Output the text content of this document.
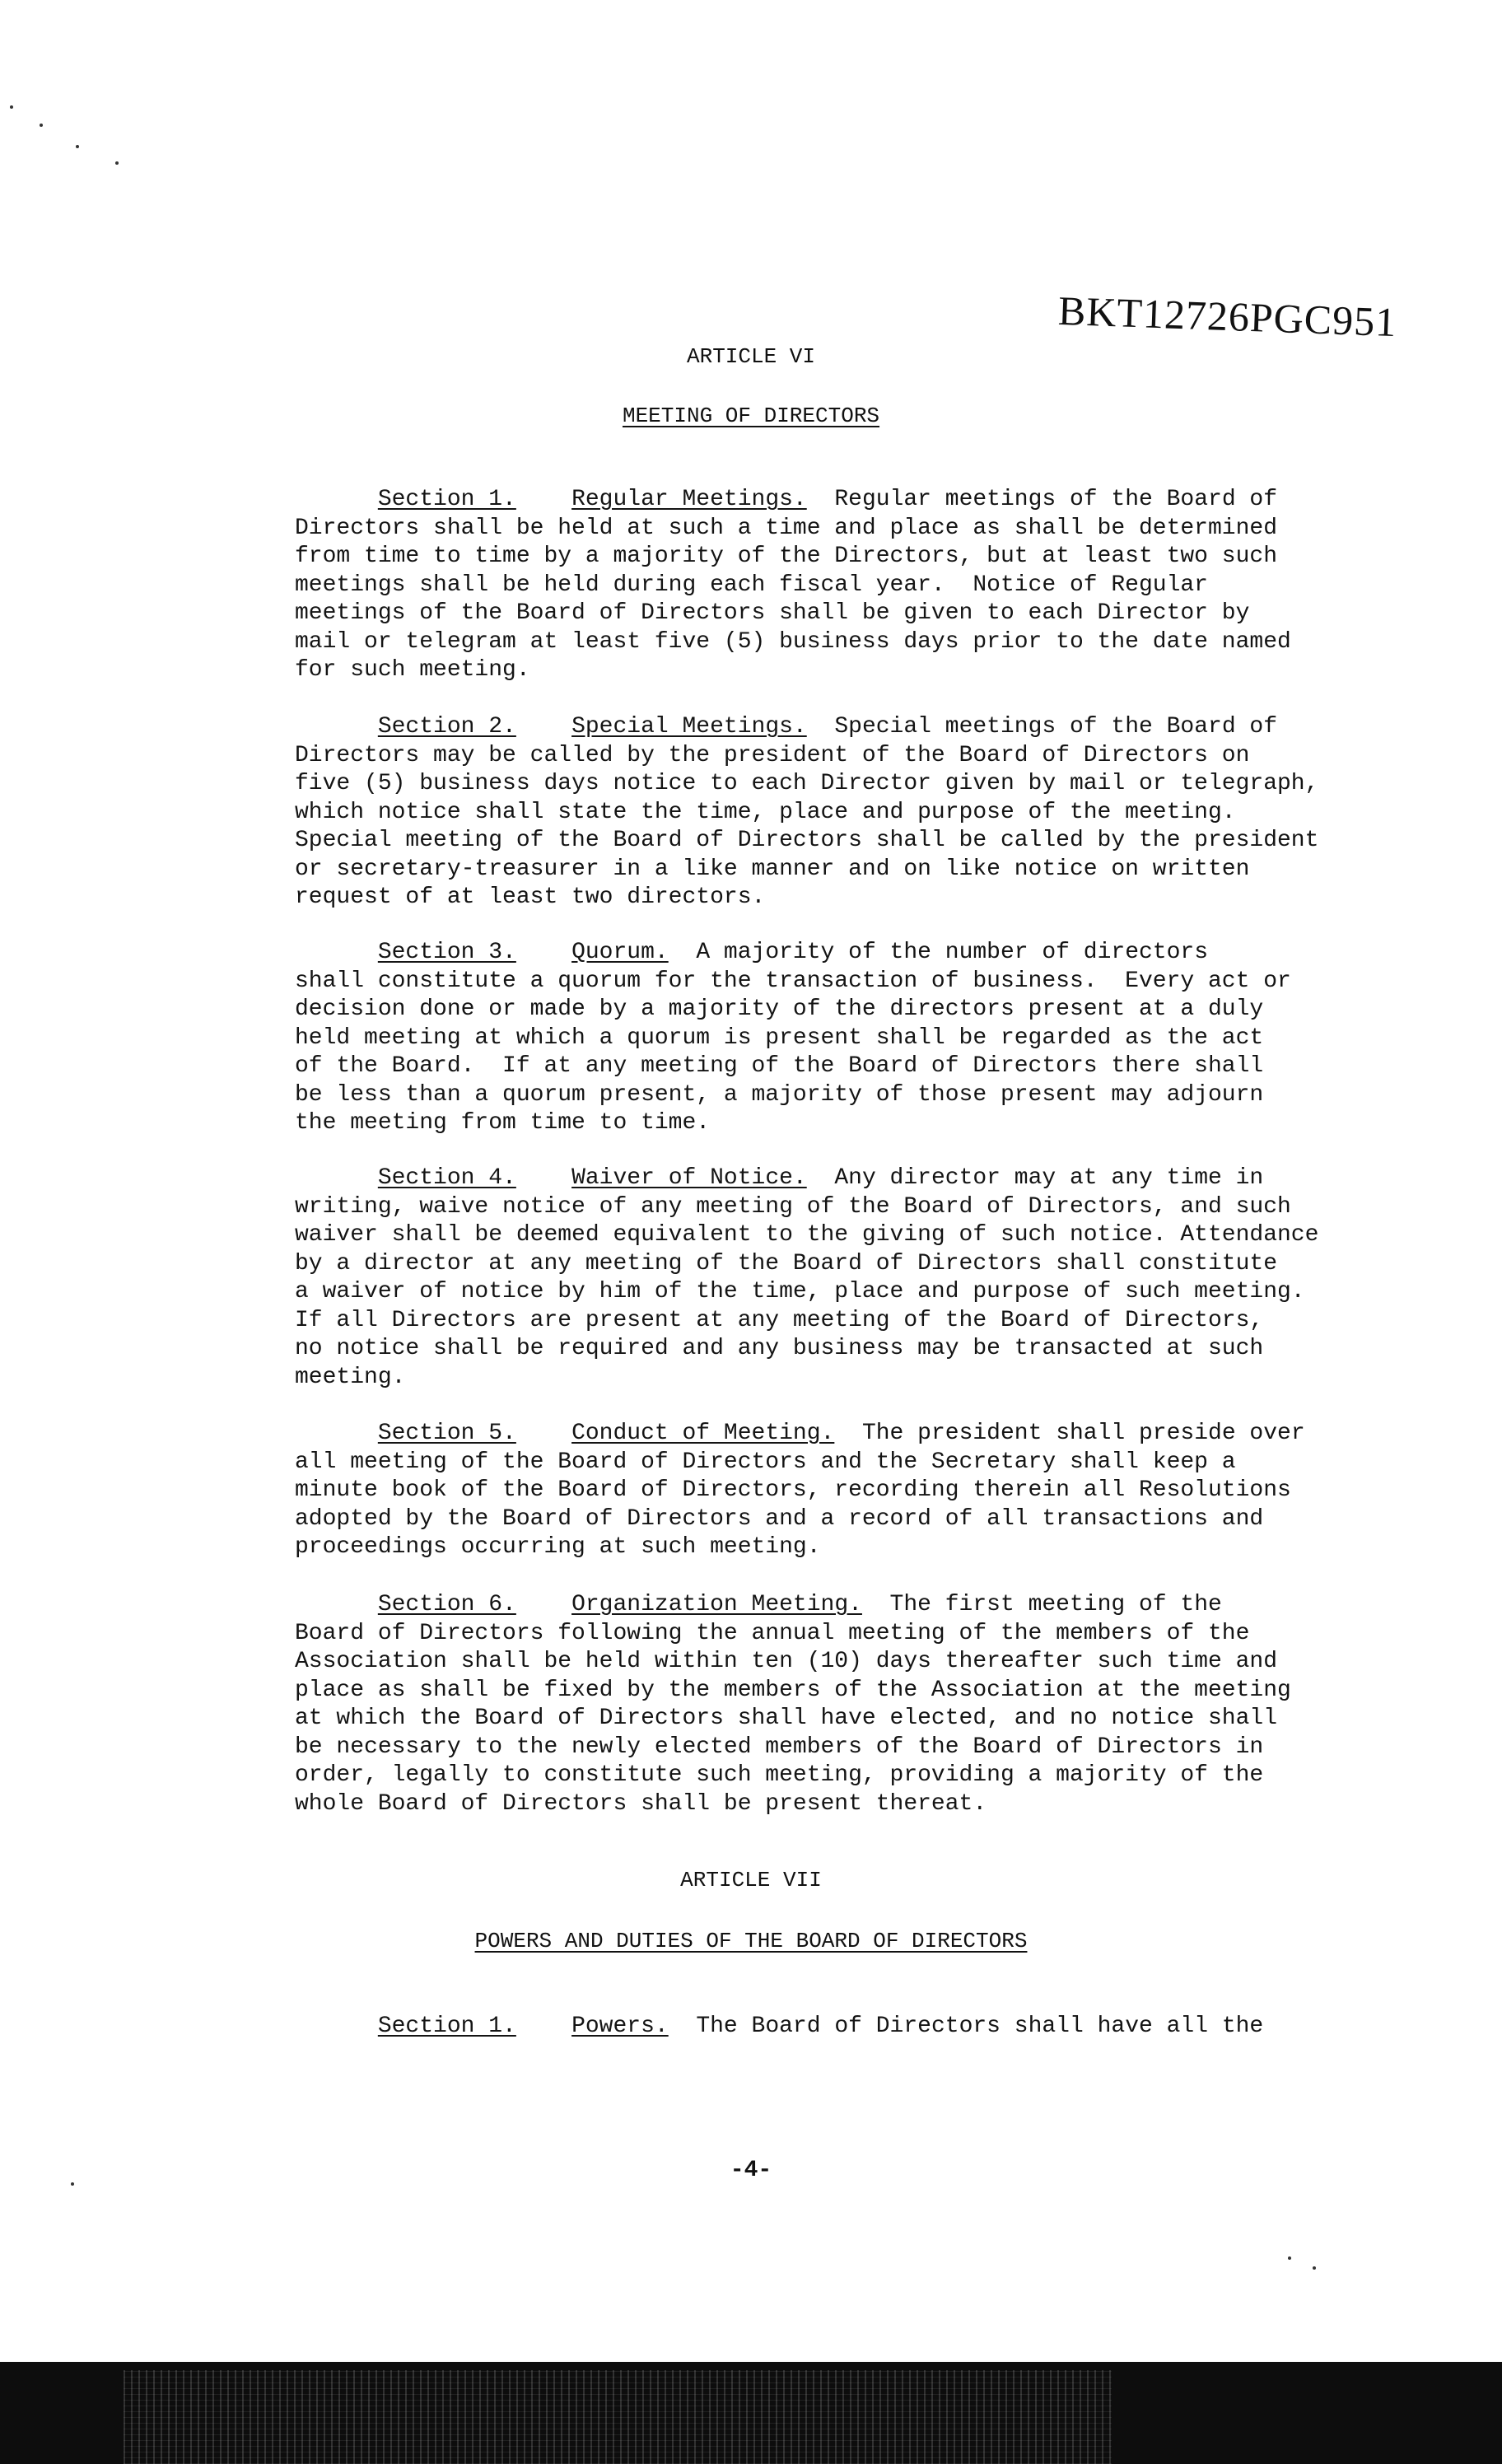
BKT12726PGC951
ARTICLE VI
MEETING OF DIRECTORS
Section 1. Regular Meetings. Regular meetings of the Board of
Directors shall be held at such a time and place as shall be determined
from time to time by a majority of the Directors, but at least two such
meetings shall be held during each fiscal year.  Notice of Regular
meetings of the Board of Directors shall be given to each Director by
mail or telegram at least five (5) business days prior to the date named
for such meeting.
Section 2. Special Meetings. Special meetings of the Board of
Directors may be called by the president of the Board of Directors on
five (5) business days notice to each Director given by mail or telegraph,
which notice shall state the time, place and purpose of the meeting.
Special meeting of the Board of Directors shall be called by the president
or secretary-treasurer in a like manner and on like notice on written
request of at least two directors.
Section 3. Quorum. A majority of the number of directors
shall constitute a quorum for the transaction of business.  Every act or
decision done or made by a majority of the directors present at a duly
held meeting at which a quorum is present shall be regarded as the act
of the Board.  If at any meeting of the Board of Directors there shall
be less than a quorum present, a majority of those present may adjourn
the meeting from time to time.
Section 4. Waiver of Notice. Any director may at any time in
writing, waive notice of any meeting of the Board of Directors, and such
waiver shall be deemed equivalent to the giving of such notice. Attendance
by a director at any meeting of the Board of Directors shall constitute
a waiver of notice by him of the time, place and purpose of such meeting.
If all Directors are present at any meeting of the Board of Directors,
no notice shall be required and any business may be transacted at such
meeting.
Section 5. Conduct of Meeting. The president shall preside over
all meeting of the Board of Directors and the Secretary shall keep a
minute book of the Board of Directors, recording therein all Resolutions
adopted by the Board of Directors and a record of all transactions and
proceedings occurring at such meeting.
Section 6. Organization Meeting. The first meeting of the
Board of Directors following the annual meeting of the members of the
Association shall be held within ten (10) days thereafter such time and
place as shall be fixed by the members of the Association at the meeting
at which the Board of Directors shall have elected, and no notice shall
be necessary to the newly elected members of the Board of Directors in
order, legally to constitute such meeting, providing a majority of the
whole Board of Directors shall be present thereat.
ARTICLE VII
POWERS AND DUTIES OF THE BOARD OF DIRECTORS
Section 1. Powers. The Board of Directors shall have all the
-4-
